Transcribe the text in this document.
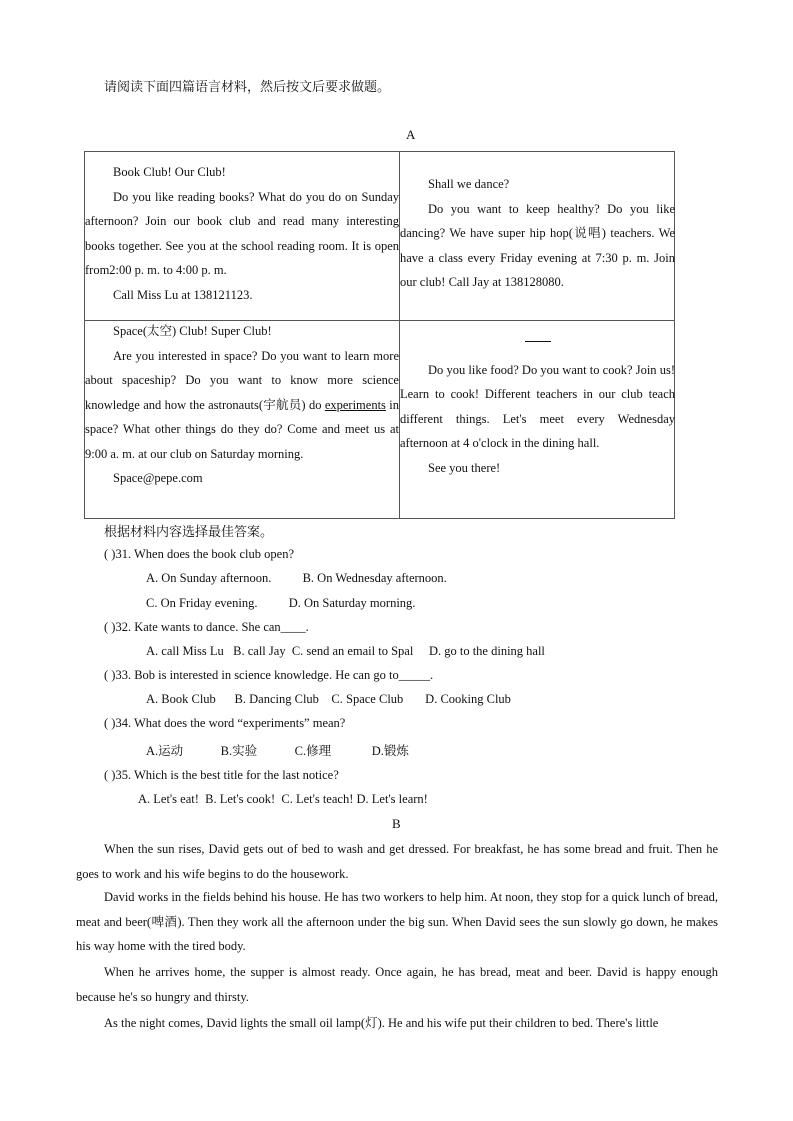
请阅读下面四篇语言材料，然后按文后要求做题。
A

Book Club! Our Club!

Do you like reading books? What do you do on Sunday afternoon? Join our book club and read many interesting books together. See you at the school reading room. It is open from2:00 p. m. to 4:00 p. m.

Call Miss Lu at 138121123.

Shall we dance?

Do you want to keep healthy? Do you like dancing? We have super hip hop(说唱) teachers. We have a class every Friday evening at 7:30 p. m. Join our club! Call Jay at 138128080.

Space(太空) Club! Super Club!

Are you interested in space? Do you want to learn more about spaceship? Do you want to know more science knowledge and how the astronauts(宇航员) do experiments in space? What other things do they do? Come and meet us at 9:00 a. m. at our club on Saturday morning.

Space@pepe.com

Do you like food? Do you want to cook? Join us! Learn to cook! Different teachers in our club teach different things. Let's meet every Wednesday afternoon at 4 o'clock in the dining hall.

See you there!

根据材料内容选择最佳答案。
( )31. When does the book club open?
A. On Sunday afternoon.          B. On Wednesday afternoon.
C. On Friday evening.          D. On Saturday morning.
( )32. Kate wants to dance. She can____.
A. call Miss Lu   B. call Jay  C. send an email to Spal     D. go to the dining hall
( )33. Bob is interested in science knowledge. He can go to_____.
A. Book Club      B. Dancing Club    C. Space Club       D. Cooking Club
( )34. What does the word “experiments” mean?
A.运动            B.实验            C.修理             D.锻炼
( )35. Which is the best title for the last notice?
A. Let's eat!  B. Let's cook!  C. Let's teach! D. Let's learn!
B
When the sun rises, David gets out of bed to wash and get dressed. For breakfast, he has some bread and fruit. Then he goes to work and his wife begins to do the housework.
David works in the fields behind his house. He has two workers to help him. At noon, they stop for a quick lunch of bread, meat and beer(啤酒). Then they work all the afternoon under the big sun. When David sees the sun slowly go down, he makes his way home with the tired body.
When he arrives home, the supper is almost ready. Once again, he has bread, meat and beer. David is happy enough because he's so hungry and thirsty.
As the night comes, David lights the small oil lamp(灯). He and his wife put their children to bed. There's little
